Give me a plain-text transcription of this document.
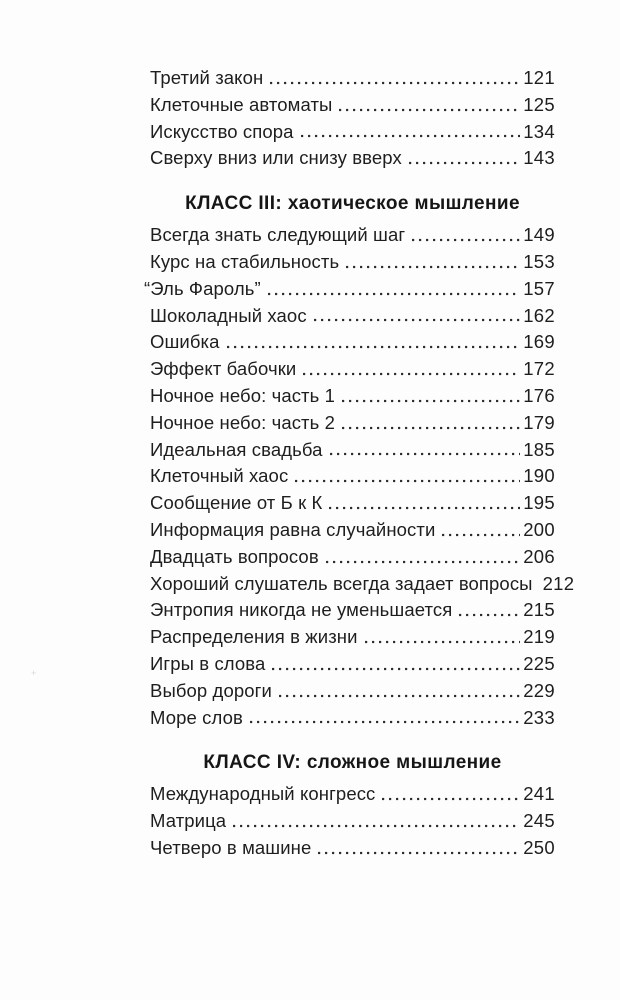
Третий закон	121
Клеточные автоматы	125
Искусство спора	134
Сверху вниз или снизу вверх	143
КЛАСС III: хаотическое мышление
Всегда знать следующий шаг	149
Курс на стабильность	153
“Эль Фароль”	157
Шоколадный хаос	162
Ошибка	169
Эффект бабочки	172
Ночное небо: часть 1	176
Ночное небо: часть 2	179
Идеальная свадьба	185
Клеточный хаос	190
Сообщение от Б к К	195
Информация равна случайности	200
Двадцать вопросов	206
Хороший слушатель всегда задает вопросы 212
Энтропия никогда не уменьшается	215
Распределения в жизни	219
Игры в слова	225
Выбор дороги	229
Море слов	233
КЛАСС IV: сложное мышление
Международный конгресс	241
Матрица	245
Четверо в машине	250
+
